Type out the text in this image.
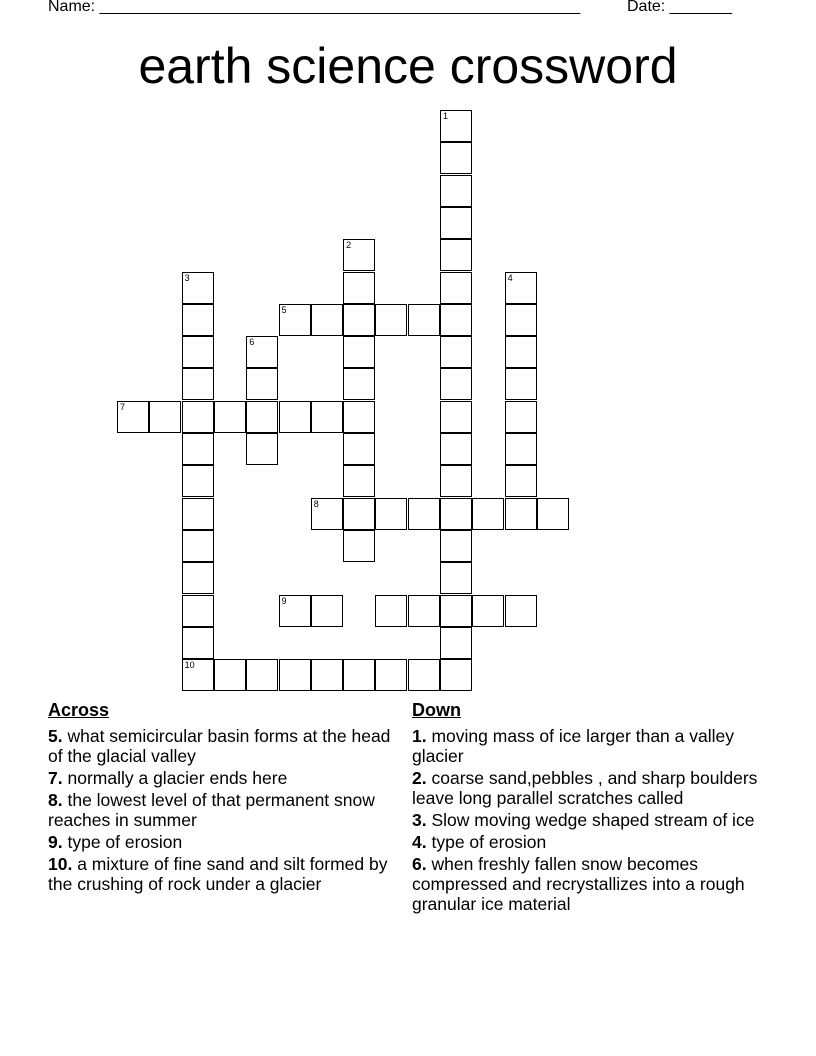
Name: ______________________________________________________	Date: _______
earth science crossword
1
2
3
10
4
5
6
7
8
9
Across
5. what semicircular basin forms at the head of the glacial valley
7. normally a glacier ends here
8. the lowest level of that permanent snow reaches in summer
9. type of erosion
10. a mixture of fine sand and silt formed by the crushing of rock under a glacier
Down
1. moving mass of ice larger than a valley glacier
2. coarse sand,pebbles , and sharp boulders leave long parallel scratches called
3. Slow moving wedge shaped stream of ice
4. type of erosion
6. when freshly fallen snow becomes compressed and recrystallizes into a rough granular ice material
